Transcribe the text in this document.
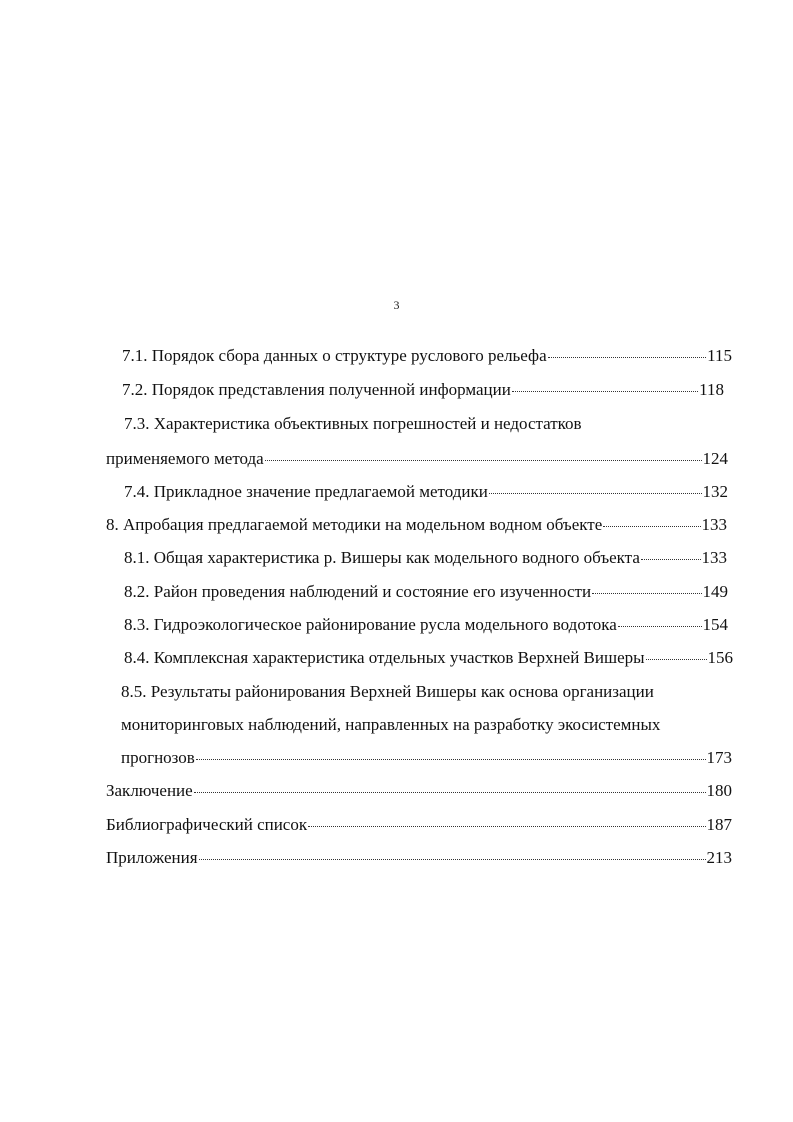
3
7.1. Порядок сбора данных о структуре руслового рельефа	115
7.2. Порядок представления полученной информации	118
7.3. Характеристика объективных погрешностей и недостатков
применяемого метода	124
7.4. Прикладное значение предлагаемой методики	132
8. Апробация предлагаемой методики на модельном водном объекте	133
8.1. Общая характеристика р. Вишеры как модельного водного объекта	133
8.2. Район проведения наблюдений и состояние его изученности	149
8.3. Гидроэкологическое районирование русла модельного водотока	154
8.4. Комплексная характеристика отдельных участков Верхней Вишеры	156
8.5. Результаты районирования Верхней Вишеры как основа организации
мониторинговых наблюдений, направленных на разработку экосистемных
прогнозов	173
Заключение	180
Библиографический список	187
Приложения	213
